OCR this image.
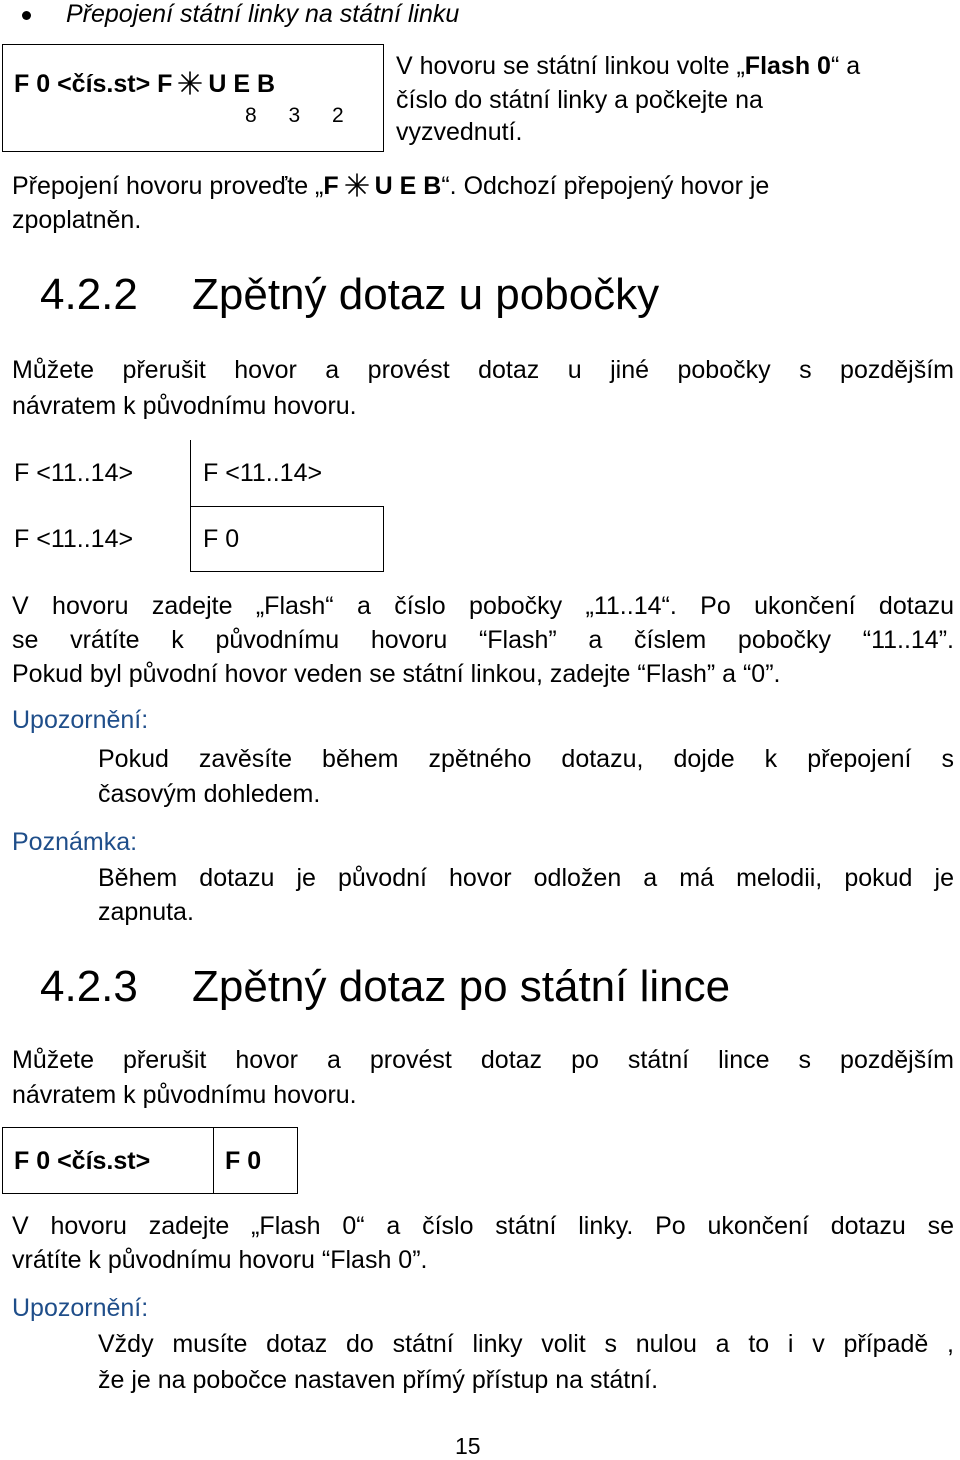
Přepojení státní linky na státní linku
F 0 <čís.st> F U E B
8 3 2
V hovoru se státní linkou volte „Flash 0“ a
číslo do státní linky a počkejte na
vyzvednutí.
Přepojení hovoru proveďte „F U E B“. Odchozí přepojený hovor je
zpoplatněn.
4.2.2 Zpětný dotaz u pobočky
Můžete přerušit hovor a provést dotaz u jiné pobočky s pozdějším
návratem k původnímu hovoru.
F <11..14>	F <11..14>
F <11..14>	F 0
V hovoru zadejte „Flash“ a číslo pobočky „11..14“. Po ukončení dotazu
se vrátíte k původnímu hovoru “Flash” a číslem pobočky “11..14”.
Pokud byl původní hovor veden se státní linkou, zadejte “Flash” a “0”.
Upozornění:
Pokud zavěsíte během zpětného dotazu, dojde k přepojení s
časovým dohledem.
Poznámka:
Během dotazu je původní hovor odložen a má melodii, pokud je
zapnuta.
4.2.3 Zpětný dotaz po státní lince
Můžete přerušit hovor a provést dotaz po státní lince s pozdějším
návratem k původnímu hovoru.
F 0 <čís.st>	F 0
V hovoru zadejte „Flash 0“ a číslo státní linky. Po ukončení dotazu se
vrátíte k původnímu hovoru “Flash 0”.
Upozornění:
Vždy musíte dotaz do státní linky volit s nulou a to i v případě ,
že je na pobočce nastaven přímý přístup na státní.
15
